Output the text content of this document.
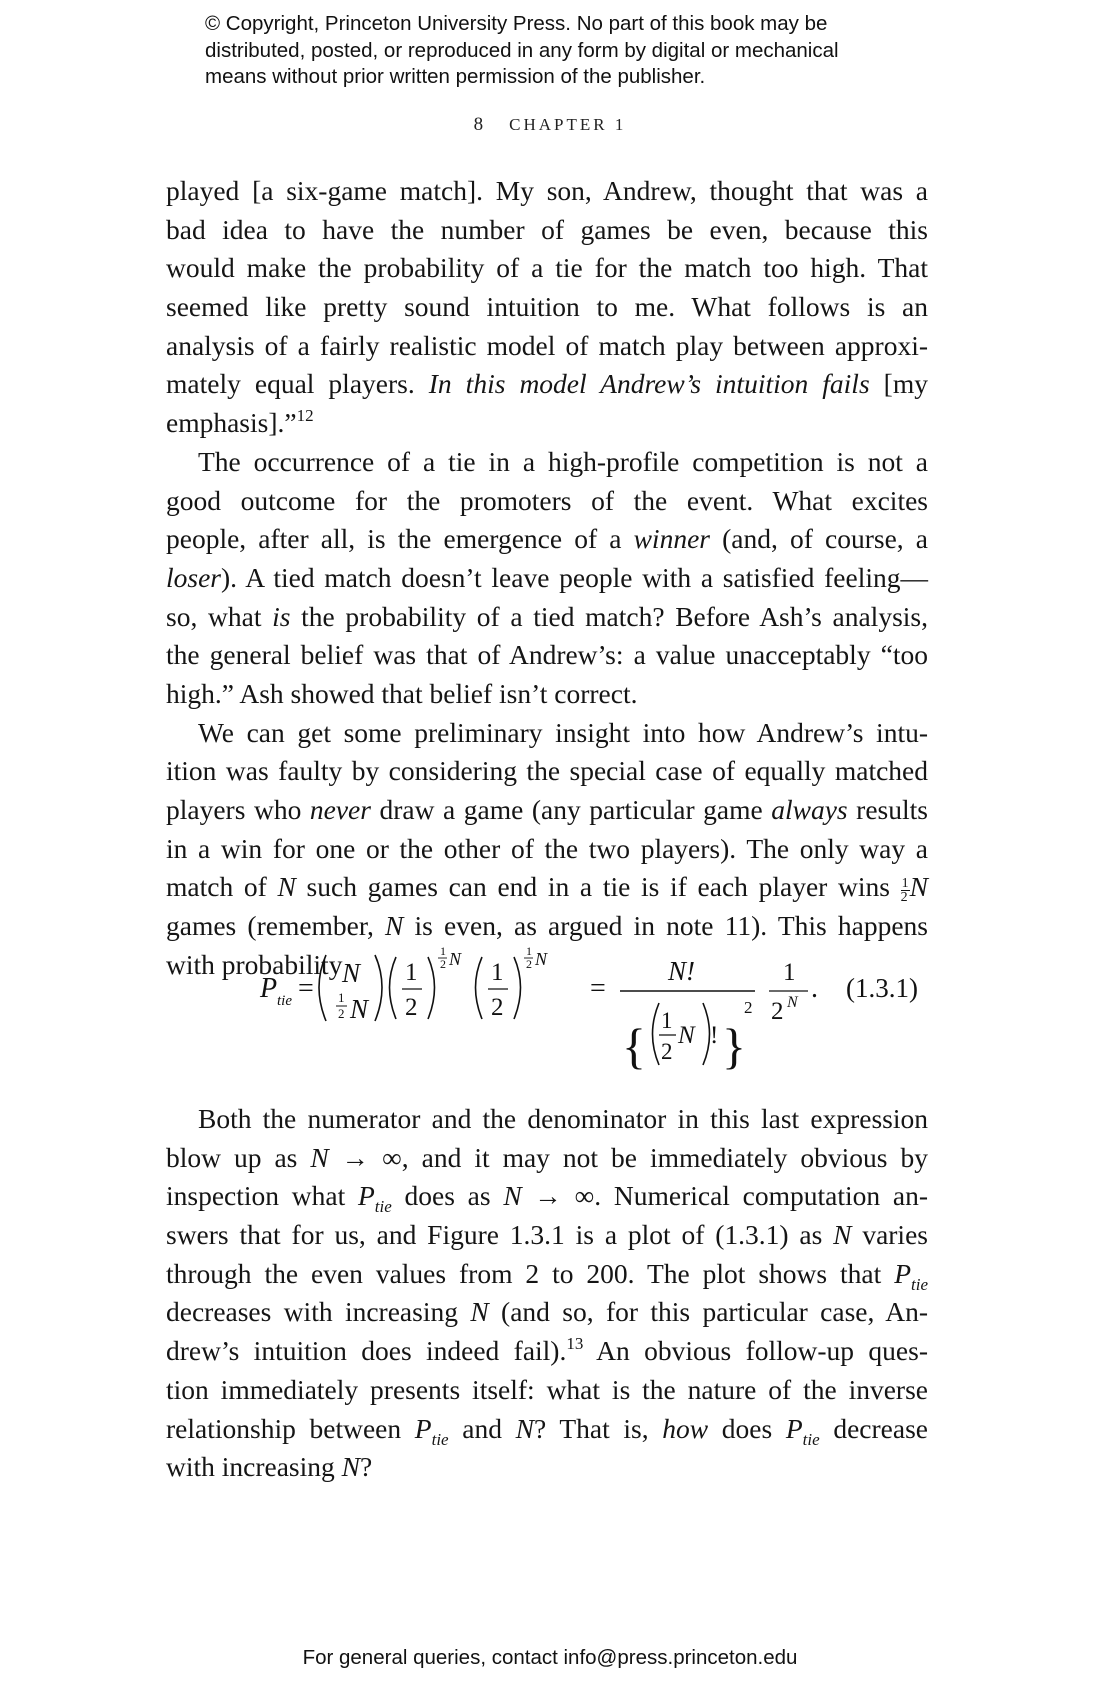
© Copyright, Princeton University Press. No part of this book may be
distributed, posted, or reproduced in any form by digital or mechanical
means without prior written permission of the publisher.
8 CHAPTER 1
played [a six-game match]. My son, Andrew, thought that was a
bad idea to have the number of games be even, because this
would make the probability of a tie for the match too high. That
seemed like pretty sound intuition to me. What follows is an
analysis of a fairly realistic model of match play between approxi-
mately equal players. In this model Andrew’s intuition fails [my
emphasis].”$^{12}$
The occurrence of a tie in a high-profile competition is not a
good outcome for the promoters of the event. What excites
people, after all, is the emergence of a winner (and, of course, a
loser). A tied match doesn’t leave people with a satisfied feeling—
so, what is the probability of a tied match? Before Ash’s analysis,
the general belief was that of Andrew’s: a value unacceptably “too
high.” Ash showed that belief isn’t correct.
We can get some preliminary insight into how Andrew’s intu-
ition was faulty by considering the special case of equally matched
players who never draw a game (any particular game always results
in a win for one or the other of the two players). The only way a
match of N such games can end in a tie is if each player wins $\frac{1}{2}$ N
games (remember, N is even, as argued in note 11). This happens
with probability
P tie = N
1
2 N
1
2
1
2 N 1
2
1
2 N
=
N!
{ 1
2
N ! }
2
1
2 N . (1.3.1)
Both the numerator and the denominator in this last expression
blow up as N → ∞, and it may not be immediately obvious by
inspection what $P_{tie}$ does as N → ∞. Numerical computation an-
swers that for us, and Figure 1.3.1 is a plot of (1.3.1) as N varies
through the even values from 2 to 200. The plot shows that $P_{tie}$
decreases with increasing N (and so, for this particular case, An-
drew’s intuition does indeed fail).$^{13}$ An obvious follow-up ques-
tion immediately presents itself: what is the nature of the inverse
relationship between $P_{tie}$ and N? That is, how does $P_{tie}$ decrease
with increasing N?
For general queries, contact info@press.princeton.edu
